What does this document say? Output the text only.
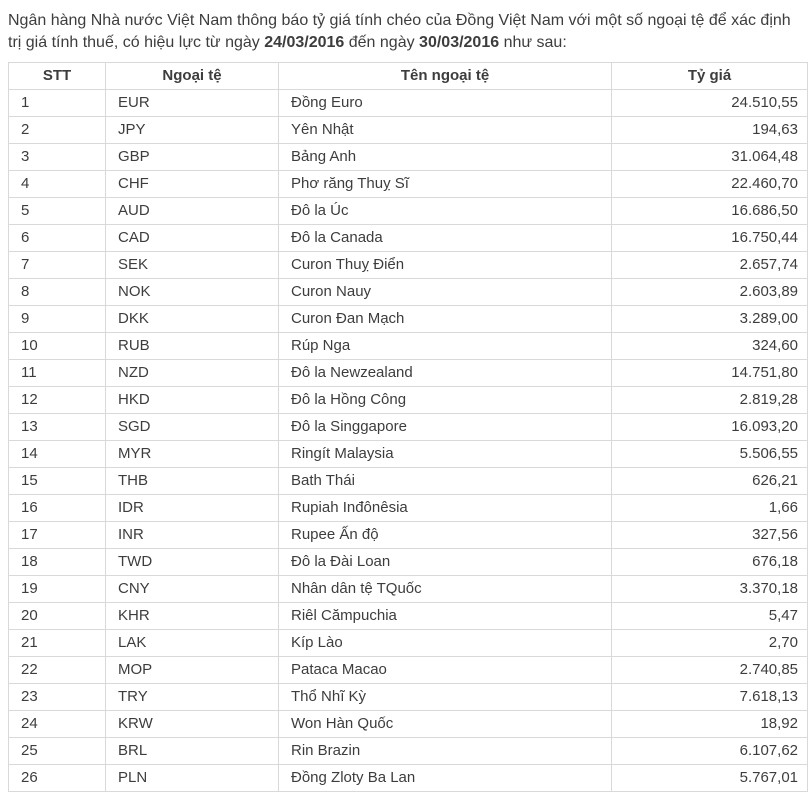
Ngân hàng Nhà nước Việt Nam thông báo tỷ giá tính chéo của Đồng Việt Nam với một số ngoại tệ để xác định trị giá tính thuế, có hiệu lực từ ngày 24/03/2016 đến ngày 30/03/2016 như sau:

STT	Ngoại tệ	Tên ngoại tệ	Tỷ giá
1	EUR	Đồng Euro	24.510,55
2	JPY	Yên Nhật	194,63
3	GBP	Bảng Anh	31.064,48
4	CHF	Phơ răng Thuỵ Sĩ	22.460,70
5	AUD	Đô la Úc	16.686,50
6	CAD	Đô la Canada	16.750,44
7	SEK	Curon Thuỵ Điển	2.657,74
8	NOK	Curon Nauy	2.603,89
9	DKK	Curon Đan Mạch	3.289,00
10	RUB	Rúp Nga	324,60
11	NZD	Đô la Newzealand	14.751,80
12	HKD	Đô la Hồng Công	2.819,28
13	SGD	Đô la Singgapore	16.093,20
14	MYR	Ringít Malaysia	5.506,55
15	THB	Bath Thái	626,21
16	IDR	Rupiah Inđônêsia	1,66
17	INR	Rupee Ấn độ	327,56
18	TWD	Đô la Đài Loan	676,18
19	CNY	Nhân dân tệ TQuốc	3.370,18
20	KHR	Riêl Cămpuchia	5,47
21	LAK	Kíp Lào	2,70
22	MOP	Pataca Macao	2.740,85
23	TRY	Thổ Nhĩ Kỳ	7.618,13
24	KRW	Won Hàn Quốc	18,92
25	BRL	Rin Brazin	6.107,62
26	PLN	Đồng Zloty Ba Lan	5.767,01
